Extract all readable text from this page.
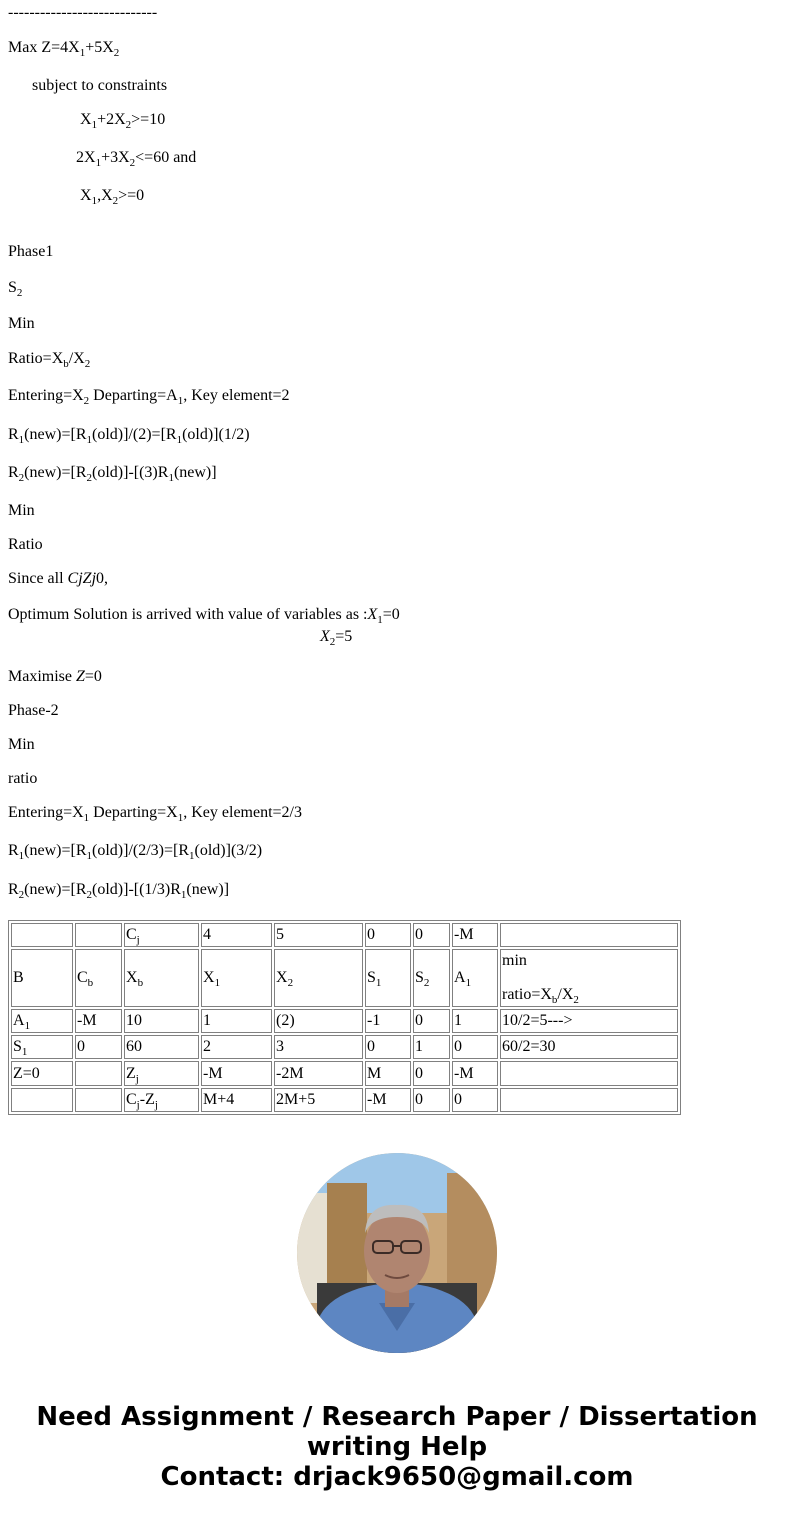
----------------------------
Max $Z=4X_1+5X_2$
subject to constraints
$X_1+2X_2>=10$
$2X_1+3X_2<=60$ and
$X_1,X_2>=0$
Phase1
$S_2$
Min
$Ratio=X_b/X_2$
$Entering=X_2$ $Departing=A_1$, Key element=2
$R_1(new)=[R_1(old)]/(2)=[R_1(old)](1/2)$
$R_2(new)=[R_2(old)]-[(3)R_1(new)]$
Min
Ratio
Since all CjZj0,
Optimum Solution is arrived with value of variables as $:X_1=0$
$X_2=5$
Maximise Z=0
Phase-2
Min
ratio
$Entering=X_1$ $Departing=X_1$, Key element=2/3
$R_1(new)=[R_1(old)]/(2/3)=[R_1(old)](3/2)$
$R_2(new)=[R_2(old)]-[(1/3)R_1(new)]$
		$C_j$	4	5	0	0	-M	
B	$C_b$	$X_b$	$X_1$	$X_2$	$S_1$	$S_2$	$A_1$	min
$ratio=X_b/X_2$

$A_1$	-M	10	1	(2)	-1	0	1	10/2=5--->
$S_1$	0	60	2	3	0	1	0	60/2=30
Z=0		$Z_j$	-M	-2M	M	0	-M	
		$C_j-Z_j$	M+4	2M+5	-M	0	0	
Need Assignment / Research Paper / Dissertation
writing Help
Contact: drjack9650@gmail.com
